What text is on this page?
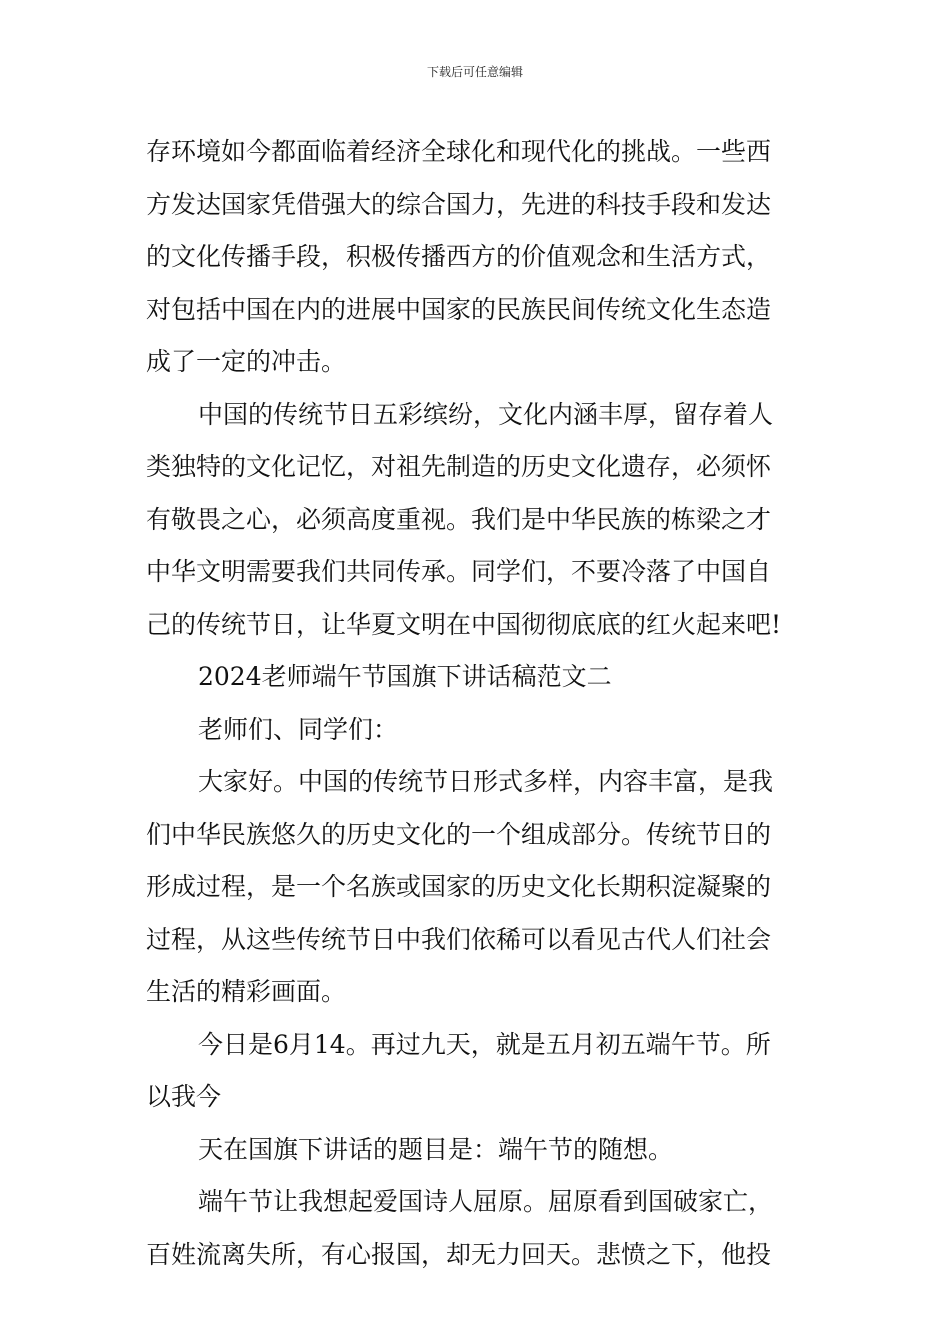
下载后可任意编辑
存环境如今都面临着经济全球化和现代化的挑战。一些西
方发达国家凭借强大的综合国力，先进的科技手段和发达
的文化传播手段，积极传播西方的价值观念和生活方式，
对包括中国在内的进展中国家的民族民间传统文化生态造
成了一定的冲击。
中国的传统节日五彩缤纷，文化内涵丰厚，留存着人
类独特的文化记忆，对祖先制造的历史文化遗存，必须怀
有敬畏之心，必须高度重视。我们是中华民族的栋梁之才
中华文明需要我们共同传承。同学们，不要冷落了中国自
己的传统节日，让华夏文明在中国彻彻底底的红火起来吧!
2024老师端午节国旗下讲话稿范文二
老师们、同学们：
大家好。中国的传统节日形式多样，内容丰富，是我
们中华民族悠久的历史文化的一个组成部分。传统节日的
形成过程，是一个名族或国家的历史文化长期积淀凝聚的
过程，从这些传统节日中我们依稀可以看见古代人们社会
生活的精彩画面。
今日是6月14。再过九天，就是五月初五端午节。所
以我今
天在国旗下讲话的题目是：端午节的随想。
端午节让我想起爱国诗人屈原。屈原看到国破家亡，
百姓流离失所，有心报国，却无力回天。悲愤之下，他投
